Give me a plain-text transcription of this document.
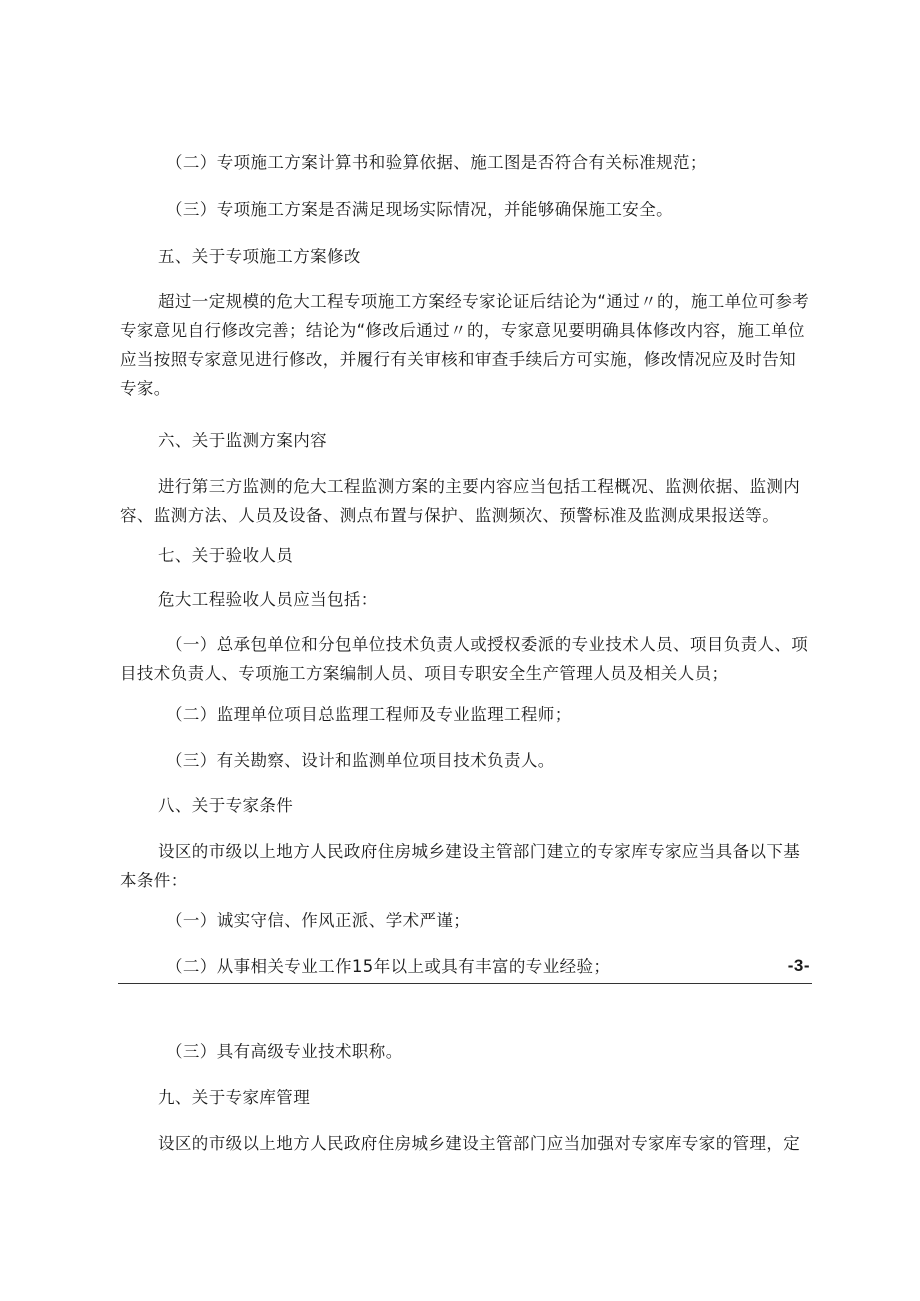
（二）专项施工方案计算书和验算依据、施工图是否符合有关标准规范；
（三）专项施工方案是否满足现场实际情况，并能够确保施工安全。
五、关于专项施工方案修改
超过一定规模的危大工程专项施工方案经专家论证后结论为“通过〃的，施工单位可参考专家意见自行修改完善；结论为“修改后通过〃的，专家意见要明确具体修改内容，施工单位应当按照专家意见进行修改，并履行有关审核和审查手续后方可实施，修改情况应及时告知专家。
六、关于监测方案内容
进行第三方监测的危大工程监测方案的主要内容应当包括工程概况、监测依据、监测内容、监测方法、人员及设备、测点布置与保护、监测频次、预警标准及监测成果报送等。
七、关于验收人员
危大工程验收人员应当包括：
（一）总承包单位和分包单位技术负责人或授权委派的专业技术人员、项目负责人、项目技术负责人、专项施工方案编制人员、项目专职安全生产管理人员及相关人员；
（二）监理单位项目总监理工程师及专业监理工程师；
（三）有关勘察、设计和监测单位项目技术负责人。
八、关于专家条件
设区的市级以上地方人民政府住房城乡建设主管部门建立的专家库专家应当具备以下基本条件：
（一）诚实守信、作风正派、学术严谨；
（二）从事相关专业工作15年以上或具有丰富的专业经验；	-3-
（三）具有高级专业技术职称。
九、关于专家库管理
设区的市级以上地方人民政府住房城乡建设主管部门应当加强对专家库专家的管理，定
